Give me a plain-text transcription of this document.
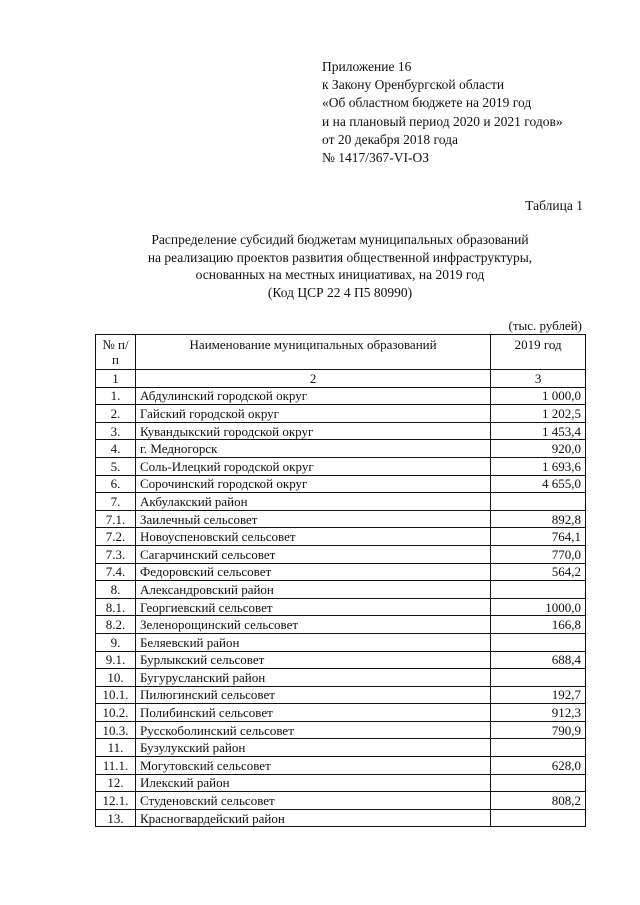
Приложение 16
к Закону Оренбургской области
«Об областном бюджете на 2019 год
и на плановый период 2020 и 2021 годов»
от 20 декабря 2018 года
№ 1417/367-VI-ОЗ
Таблица 1
Распределение субсидий бюджетам муниципальных образований
на реализацию проектов развития общественной инфраструктуры,
основанных на местных инициативах, на 2019 год
(Код ЦСР 22 4 П5 80990)
(тыс. рублей)
№ п/п	Наименование муниципальных образований	2019 год
1	2	3
1.	Абдулинский городской округ	1 000,0
2.	Гайский городской округ	1 202,5
3.	Кувандыкский городской округ	1 453,4
4.	г. Медногорск	920,0
5.	Соль-Илецкий городской округ	1 693,6
6.	Сорочинский городской округ	4 655,0
7.	Акбулакский район	
7.1.	Заилечный сельсовет	892,8
7.2.	Новоуспеновский сельсовет	764,1
7.3.	Сагарчинский сельсовет	770,0
7.4.	Федоровский сельсовет	564,2
8.	Александровский район	
8.1.	Георгиевский сельсовет	1000,0
8.2.	Зеленорощинский сельсовет	166,8
9.	Беляевский район	
9.1.	Бурлыкский сельсовет	688,4
10.	Бугурусланский район	
10.1.	Пилюгинский сельсовет	192,7
10.2.	Полибинский сельсовет	912,3
10.3.	Русскоболинский сельсовет	790,9
11.	Бузулукский район	
11.1.	Могутовский сельсовет	628,0
12.	Илекский район	
12.1.	Студеновский сельсовет	808,2
13.	Красногвардейский район	
